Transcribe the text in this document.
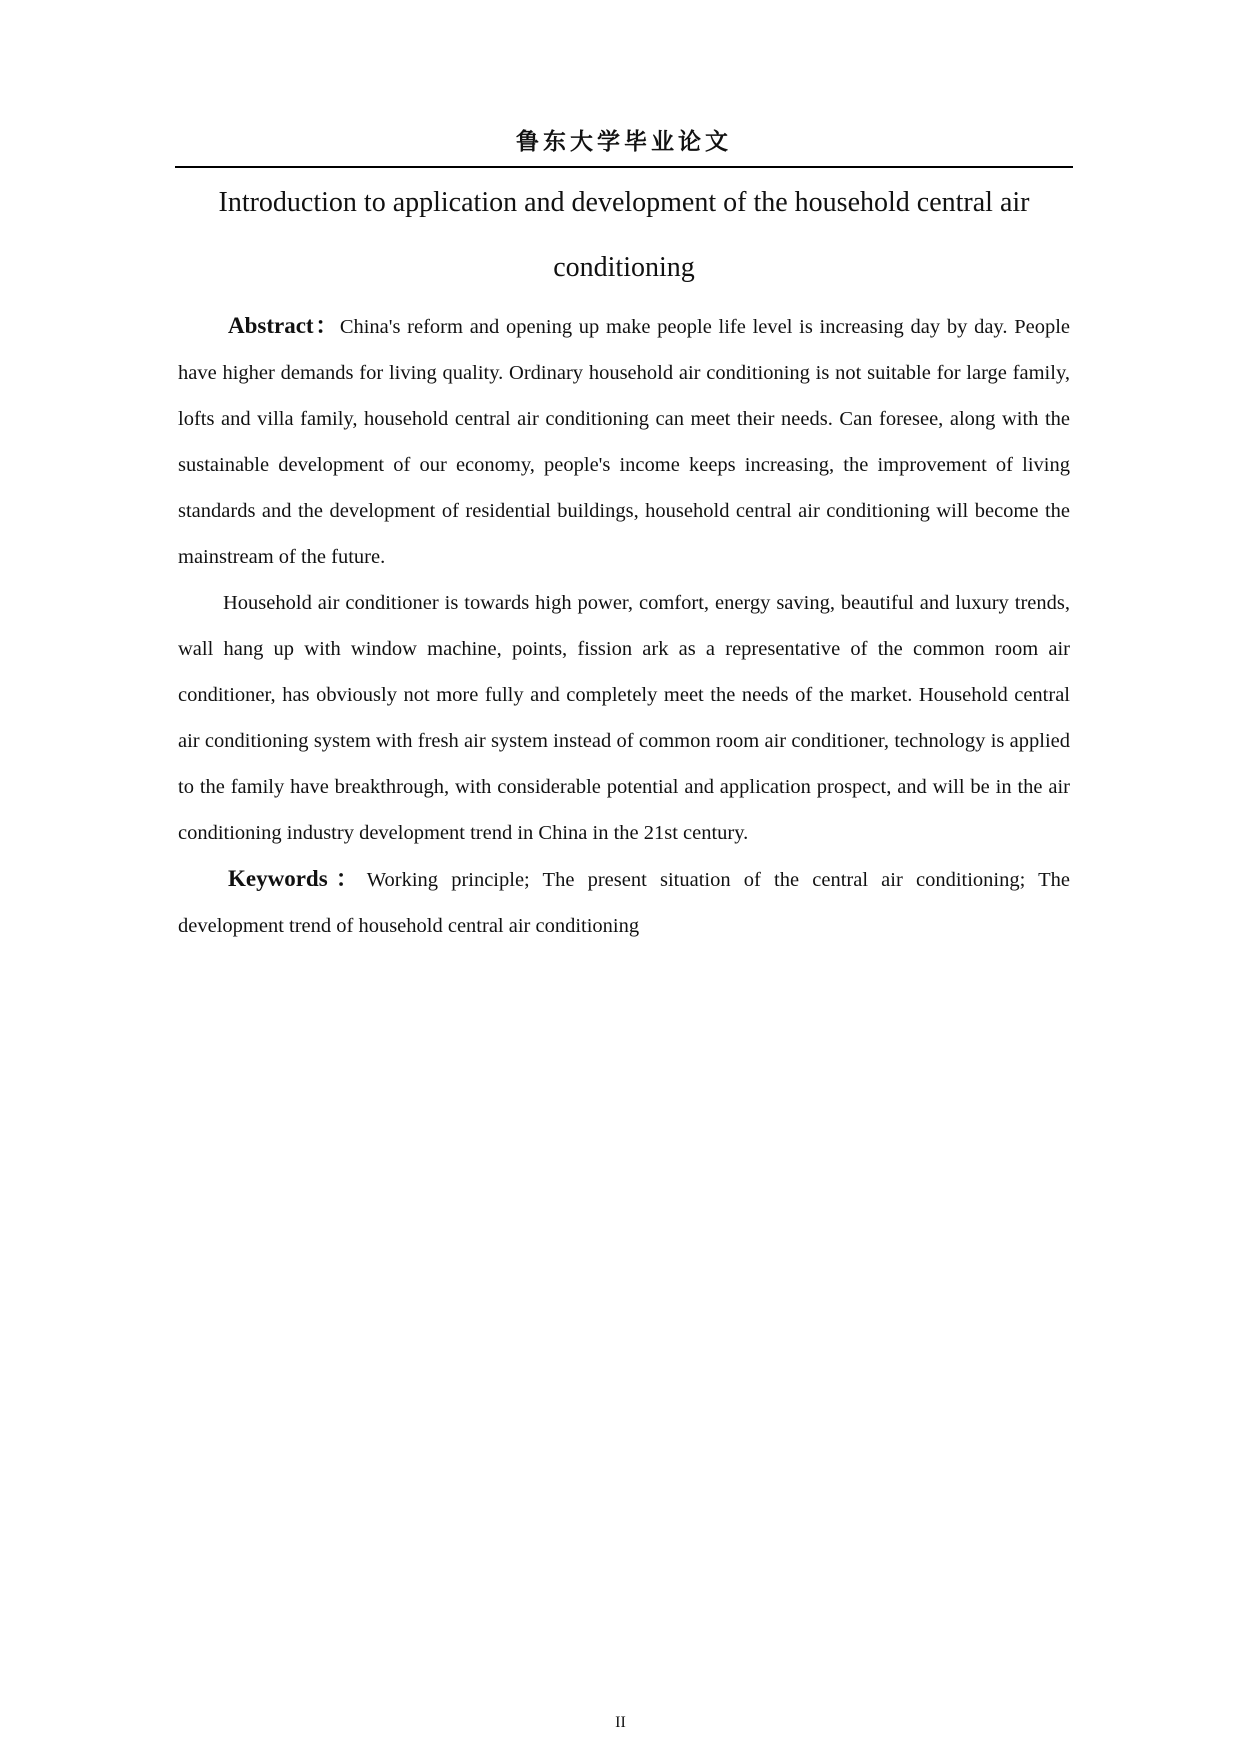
鲁东大学毕业论文
Introduction to application and development of the household central air conditioning

Abstract：China's reform and opening up make people life level is increasing day by day. People have higher demands for living quality. Ordinary household air conditioning is not suitable for large family, lofts and villa family, household central air conditioning can meet their needs. Can foresee, along with the sustainable development of our economy, people's income keeps increasing, the improvement of living standards and the development of residential buildings, household central air conditioning will become the mainstream of the future.

Household air conditioner is towards high power, comfort, energy saving, beautiful and luxury trends, wall hang up with window machine, points, fission ark as a representative of the common room air conditioner, has obviously not more fully and completely meet the needs of the market. Household central air conditioning system with fresh air system instead of common room air conditioner, technology is applied to the family have breakthrough, with considerable potential and application prospect, and will be in the air conditioning industry development trend in China in the 21st century.

Keywords：Working principle; The present situation of the central air conditioning; The development trend of household central air conditioning

II
